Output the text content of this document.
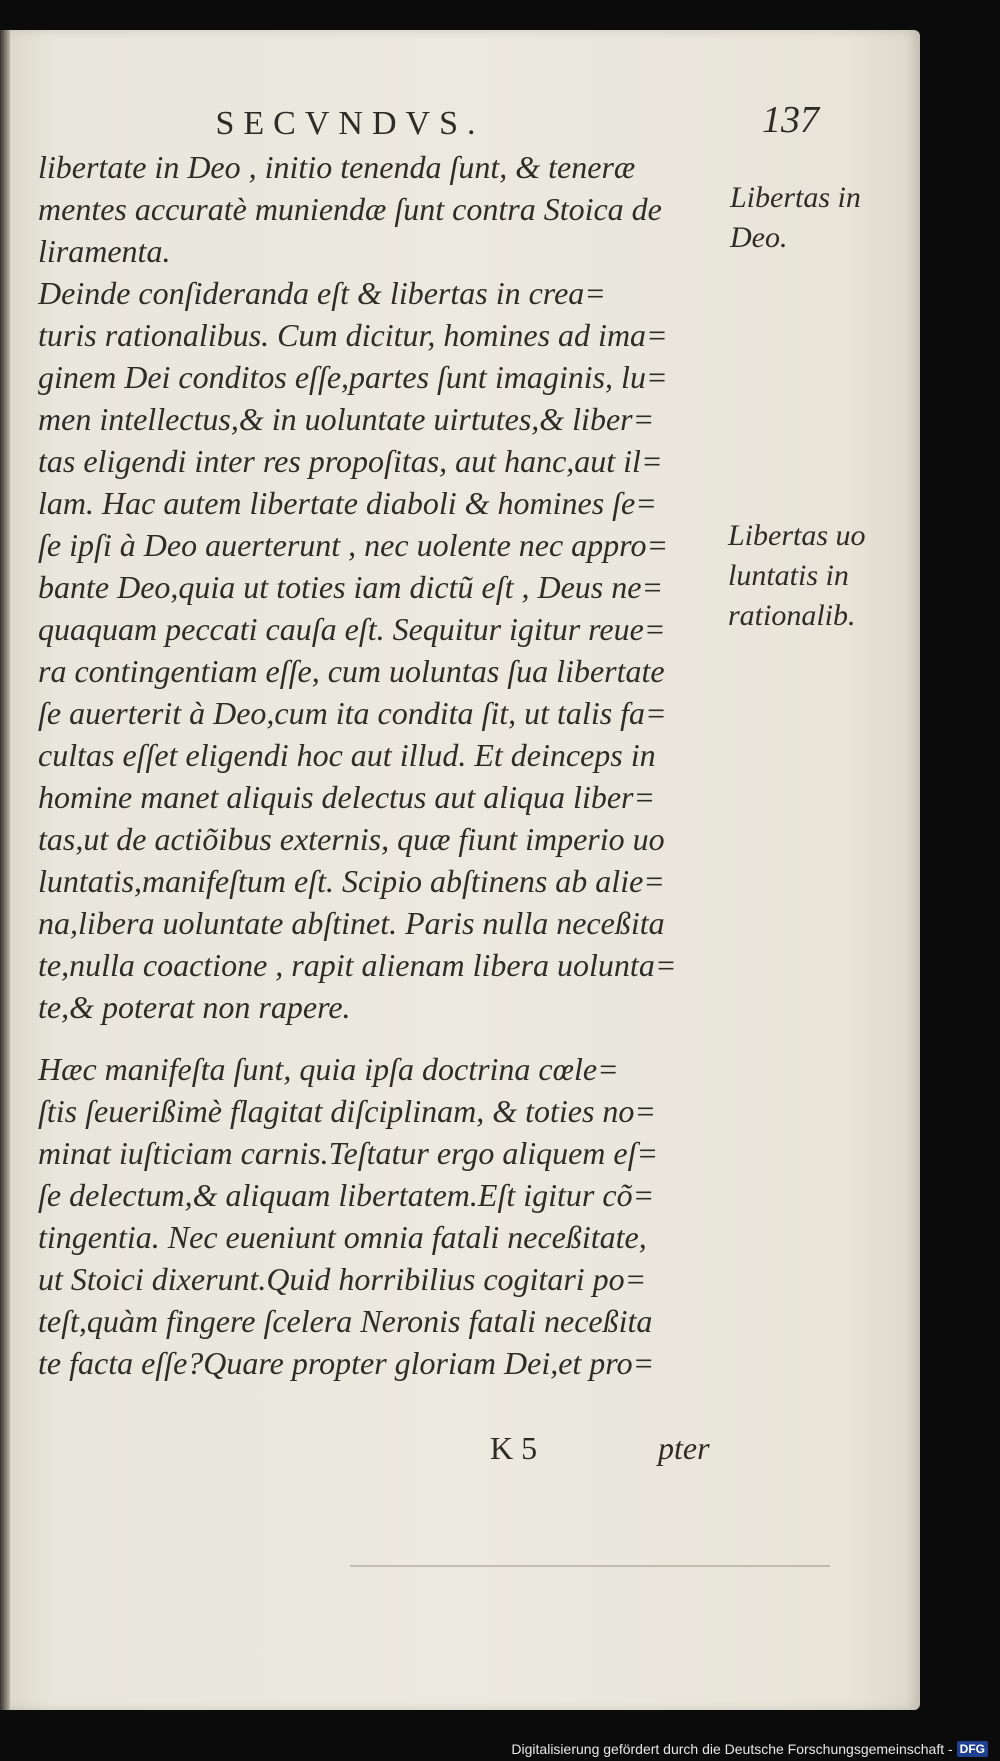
SECVNDVS.	137
libertate in Deo , initio tenenda ſunt, & teneræ
mentes accuratè muniendæ ſunt contra Stoica de
liramenta.
Deinde conſideranda eſt & libertas in crea=
turis rationalibus. Cum dicitur, homines ad ima=
ginem Dei conditos eſſe,partes ſunt imaginis, lu=
men intellectus,& in uoluntate uirtutes,& liber=
tas eligendi inter res propoſitas, aut hanc,aut il=
lam. Hac autem libertate diaboli & homines ſe=
ſe ipſi à Deo auerterunt , nec uolente nec appro=
bante Deo,quia ut toties iam dictũ eſt , Deus ne=
quaquam peccati cauſa eſt. Sequitur igitur reue=
ra contingentiam eſſe, cum uoluntas ſua libertate
ſe auerterit à Deo,cum ita condita ſit, ut talis fa=
cultas eſſet eligendi hoc aut illud. Et deinceps in
homine manet aliquis delectus aut aliqua liber=
tas,ut de actiõibus externis, quæ fiunt imperio uo
luntatis,manifeſtum eſt. Scipio abſtinens ab alie=
na,libera uoluntate abſtinet. Paris nulla neceßita
te,nulla coactione , rapit alienam libera uolunta=
te,& poterat non rapere.
Hæc manifeſta ſunt, quia ipſa doctrina cœle=
ſtis ſeuerißimè flagitat diſciplinam, & toties no=
minat iuſticiam carnis.Teſtatur ergo aliquem eſ=
ſe delectum,& aliquam libertatem.Eſt igitur cõ=
tingentia. Nec eueniunt omnia fatali neceßitate,
ut Stoici dixerunt.Quid horribilius cogitari po=
teſt,quàm fingere ſcelera Neronis fatali neceßita
te facta eſſe?Quare propter gloriam Dei,et pro=
Libertas in
Deo.
Libertas uo
luntatis in
rationalib.
K 5	pter
Digitalisierung gefördert durch die Deutsche Forschungsgemeinschaft - DFG
